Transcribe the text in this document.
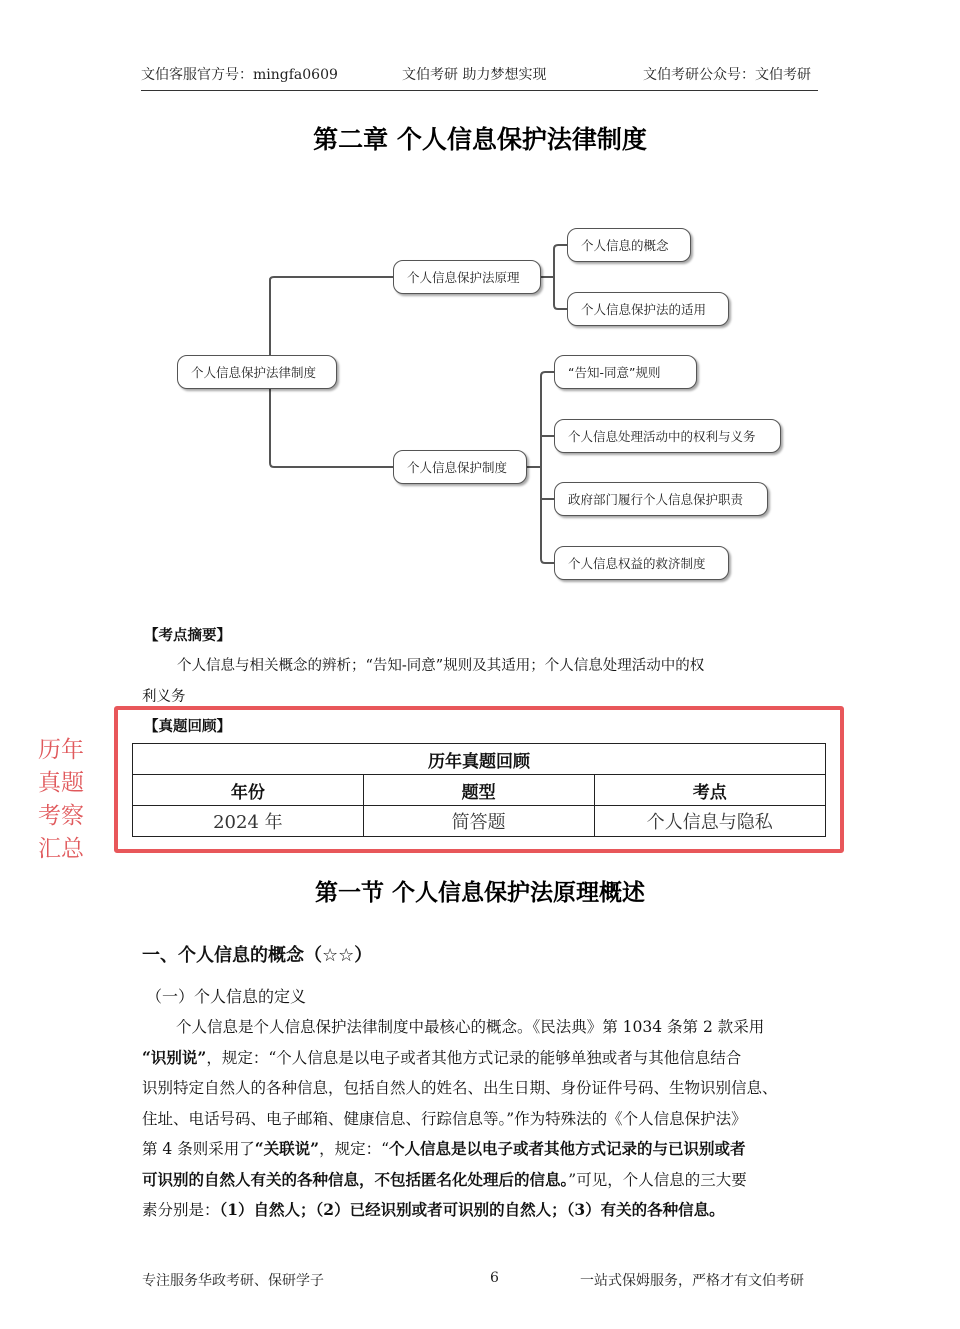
文伯客服官方号：mingfa0609	文伯考研 助力梦想实现	文伯考研公众号：文伯考研
第二章 个人信息保护法律制度
个人信息保护法律制度
个人信息保护法原理
个人信息保护制度
个人信息的概念
个人信息保护法的适用
“告知-同意”规则
个人信息处理活动中的权利与义务
政府部门履行个人信息保护职责
个人信息权益的救济制度
【考点摘要】
个人信息与相关概念的辨析；“告知-同意”规则及其适用；个人信息处理活动中的权
利义务
历年
真题
考察
汇总
【真题回顾】
历年真题回顾		
年份	题型	考点
2024 年	简答题	个人信息与隐私
第一节 个人信息保护法原理概述
一、个人信息的概念（☆☆）
（一）个人信息的定义
个人信息是个人信息保护法律制度中最核心的概念。《民法典》第 1034 条第 2 款采用
“识别说”，规定：“个人信息是以电子或者其他方式记录的能够单独或者与其他信息结合
识别特定自然人的各种信息，包括自然人的姓名、出生日期、身份证件号码、生物识别信息、
住址、电话号码、电子邮箱、健康信息、行踪信息等。”作为特殊法的《个人信息保护法》
第 4 条则采用了“关联说”，规定：“个人信息是以电子或者其他方式记录的与已识别或者
可识别的自然人有关的各种信息，不包括匿名化处理后的信息。”可见，个人信息的三大要
素分别是：（1）自然人；（2）已经识别或者可识别的自然人；（3）有关的各种信息。
专注服务华政考研、保研学子	6	一站式保姆服务，严格才有文伯考研
